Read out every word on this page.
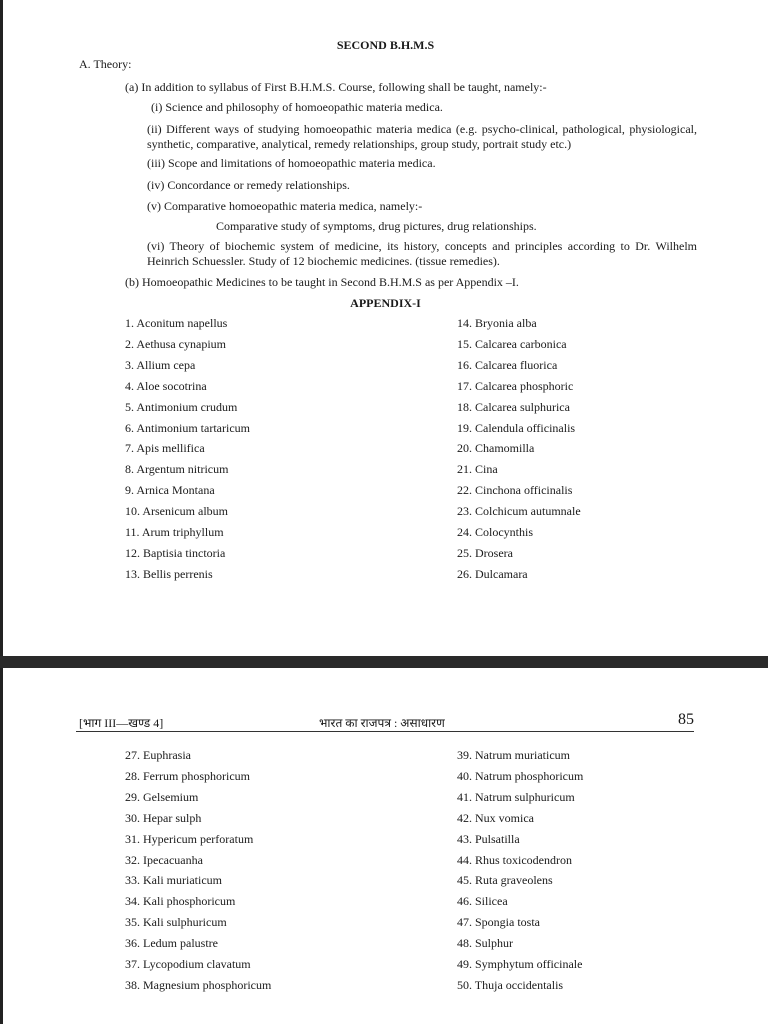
SECOND B.H.M.S
A. Theory:
(a) In addition to syllabus of First B.H.M.S. Course, following shall be taught, namely:-
(i) Science and philosophy of homoeopathic materia medica.
(ii) Different ways of studying homoeopathic materia medica (e.g. psycho-clinical, pathological, physiological, synthetic, comparative, analytical, remedy relationships, group study, portrait study etc.)
(iii) Scope and limitations of homoeopathic materia medica.
(iv) Concordance or remedy relationships.
(v) Comparative homoeopathic materia medica, namely:-
Comparative study of symptoms, drug pictures, drug relationships.
(vi) Theory of biochemic system of medicine, its history, concepts and principles according to Dr. Wilhelm Heinrich Schuessler. Study of 12 biochemic medicines. (tissue remedies).
(b) Homoeopathic Medicines to be taught in Second B.H.M.S as per Appendix –I.
APPENDIX-I
1. Aconitum napellus
2. Aethusa cynapium
3. Allium cepa
4. Aloe socotrina
5. Antimonium crudum
6. Antimonium tartaricum
7. Apis mellifica
8. Argentum nitricum
9. Arnica Montana
10. Arsenicum album
11. Arum triphyllum
12. Baptisia tinctoria
13. Bellis perrenis
14. Bryonia alba
15. Calcarea carbonica
16. Calcarea fluorica
17. Calcarea phosphoric
18. Calcarea sulphurica
19. Calendula officinalis
20. Chamomilla
21. Cina
22. Cinchona officinalis
23. Colchicum autumnale
24. Colocynthis
25. Drosera
26. Dulcamara
[भाग III—खण्ड 4]	भारत का राजपत्र : असाधारण	85
27. Euphrasia
28. Ferrum phosphoricum
29. Gelsemium
30. Hepar sulph
31. Hypericum perforatum
32. Ipecacuanha
33. Kali muriaticum
34. Kali phosphoricum
35. Kali sulphuricum
36. Ledum palustre
37. Lycopodium clavatum
38. Magnesium phosphoricum
39. Natrum muriaticum
40. Natrum phosphoricum
41. Natrum sulphuricum
42. Nux vomica
43. Pulsatilla
44. Rhus toxicodendron
45. Ruta graveolens
46. Silicea
47. Spongia tosta
48. Sulphur
49. Symphytum officinale
50. Thuja occidentalis
